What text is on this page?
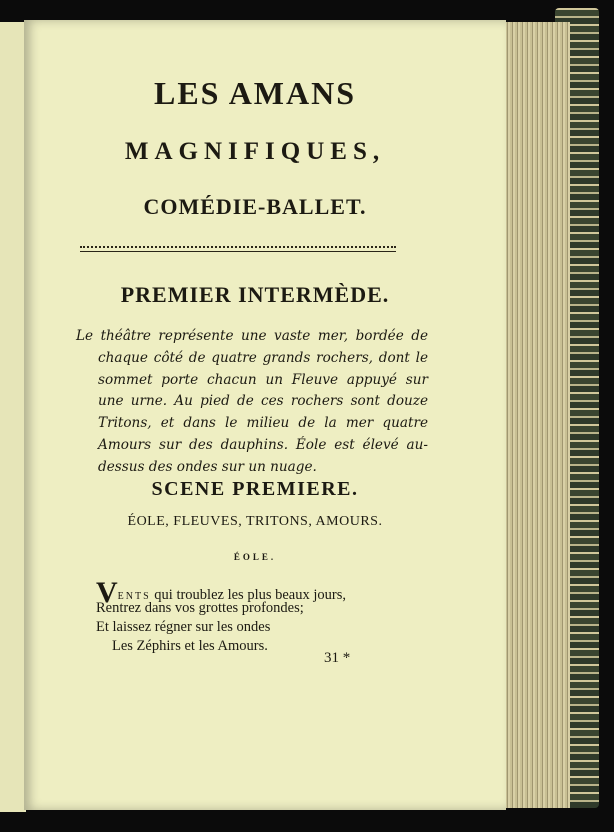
LES AMANS
MAGNIFIQUES,
COMÉDIE-BALLET.
PREMIER INTERMÈDE.
Le théâtre représente une vaste mer, bordée de chaque côté de quatre grands rochers, dont le sommet porte chacun un Fleuve appuyé sur une urne. Au pied de ces rochers sont douze Tritons, et dans le milieu de la mer quatre Amours sur des dauphins. Éole est élevé au-dessus des ondes sur un nuage.
SCENE PREMIERE.
ÉOLE, FLEUVES, TRITONS, AMOURS.
ÉOLE.
VENTS qui troublez les plus beaux jours,
Rentrez dans vos grottes profondes;
Et laissez régner sur les ondes
Les Zéphirs et les Amours.
31 *
